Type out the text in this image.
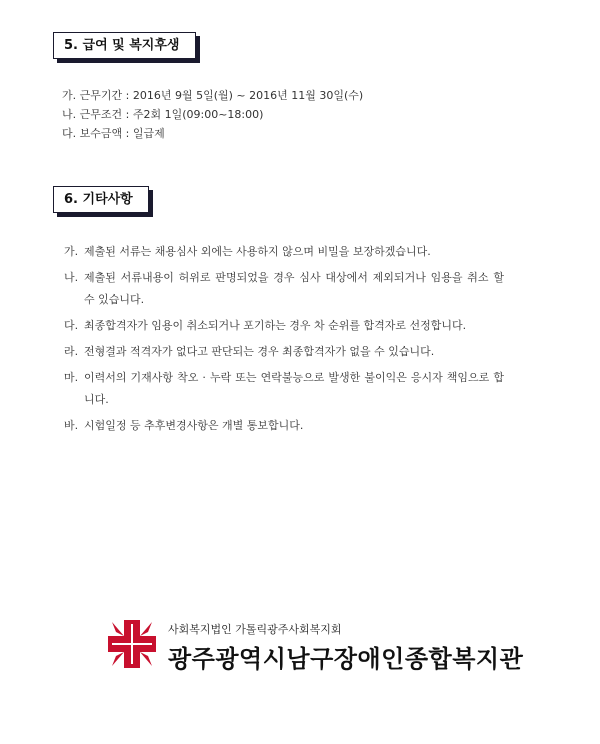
5. 급여 및 복지후생
가. 근무기간 : 2016년 9월 5일(월) ~ 2016년 11월 30일(수)
나. 근무조건 : 주2회 1일(09:00~18:00)
다. 보수금액 : 일급제
6. 기타사항
가. 제출된 서류는 채용심사 외에는 사용하지 않으며 비밀을 보장하겠습니다.
나. 제출된 서류내용이 허위로 판명되었을 경우 심사 대상에서 제외되거나 임용을 취소 할 수 있습니다.
다. 최종합격자가 임용이 취소되거나 포기하는 경우 차 순위를 합격자로 선정합니다.
라. 전형결과 적격자가 없다고 판단되는 경우 최종합격자가 없을 수 있습니다.
마. 이력서의 기재사항 착오 · 누락 또는 연락불능으로 발생한 불이익은 응시자 책임으로 합니다.
바. 시험일정 등 추후변경사항은 개별 통보합니다.
사회복지법인 가톨릭광주사회복지회
광주광역시남구장애인종합복지관
